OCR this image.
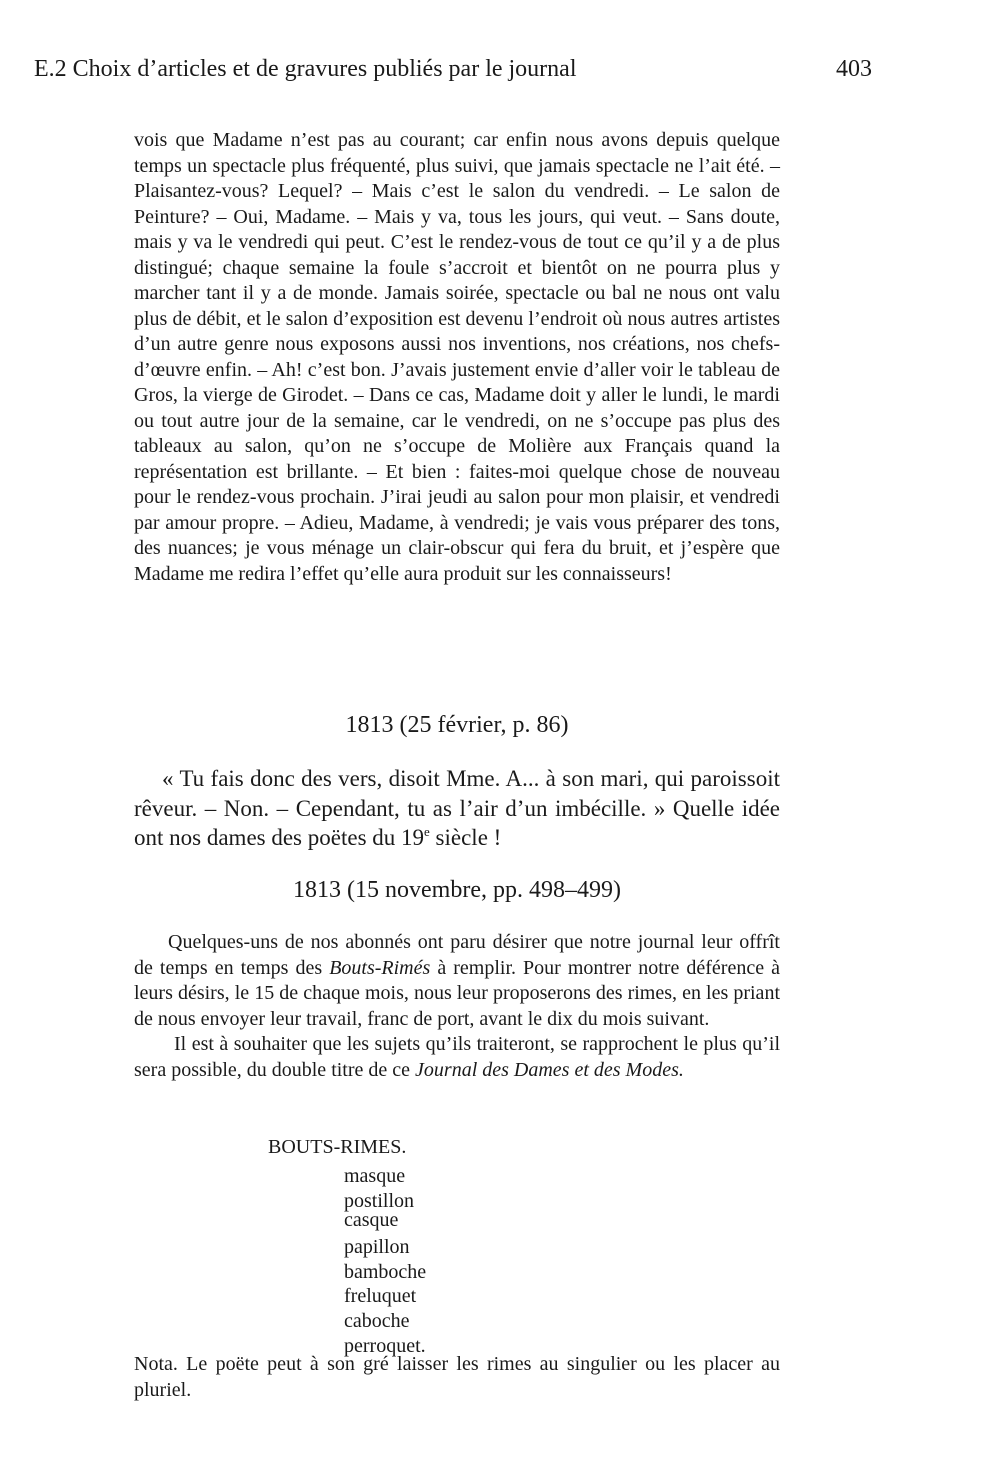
E.2 Choix d’articles et de gravures publiés par le journal	403

vois que Madame n’est pas au courant; car enfin nous avons depuis quelque temps un spectacle plus fréquenté, plus suivi, que jamais spectacle ne l’ait été. – Plaisantez-vous? Lequel? – Mais c’est le salon du vendredi. – Le salon de Peinture? – Oui, Madame. – Mais y va, tous les jours, qui veut. – Sans doute, mais y va le vendredi qui peut. C’est le rendez-vous de tout ce qu’il y a de plus distingué; chaque semaine la foule s’accroit et bientôt on ne pourra plus y marcher tant il y a de monde. Jamais soirée, spectacle ou bal ne nous ont valu plus de débit, et le salon d’exposition est devenu l’endroit où nous autres artistes d’un autre genre nous exposons aussi nos inventions, nos créations, nos chefs-d’œuvre enfin. – Ah! c’est bon. J’avais justement envie d’aller voir le tableau de Gros, la vierge de Girodet. – Dans ce cas, Madame doit y aller le lundi, le mardi ou tout autre jour de la semaine, car le vendredi, on ne s’occupe pas plus des tableaux au salon, qu’on ne s’occupe de Molière aux Français quand la représentation est brillante. – Et bien : faites-moi quelque chose de nouveau pour le rendez-vous prochain. J’irai jeudi au salon pour mon plaisir, et vendredi par amour propre. – Adieu, Madame, à vendredi; je vais vous préparer des tons, des nuances; je vous ménage un clair-obscur qui fera du bruit, et j’espère que Madame me redira l’effet qu’elle aura produit sur les connaisseurs!

1813 (25 février, p. 86)

« Tu fais donc des vers, disoit Mme. A... à son mari, qui paroissoit rêveur. – Non. – Cependant, tu as l’air d’un imbécille. » Quelle idée ont nos dames des poëtes du 19e siècle !

1813 (15 novembre, pp. 498–499)

Quelques-uns de nos abonnés ont paru désirer que notre journal leur offrît de temps en temps des Bouts-Rimés à remplir. Pour montrer notre déférence à leurs désirs, le 15 de chaque mois, nous leur proposerons des rimes, en les priant de nous envoyer leur travail, franc de port, avant le dix du mois suivant.

  Il est à souhaiter que les sujets qu’ils traiteront, se rapprochent le plus qu’il sera possible, du double titre de ce Journal des Dames et des Modes.

BOUTS-RIMES.
masque
postillon
casque
papillon
bamboche
freluquet
caboche
perroquet.

Nota. Le poëte peut à son gré laisser les rimes au singulier ou les placer au pluriel.
